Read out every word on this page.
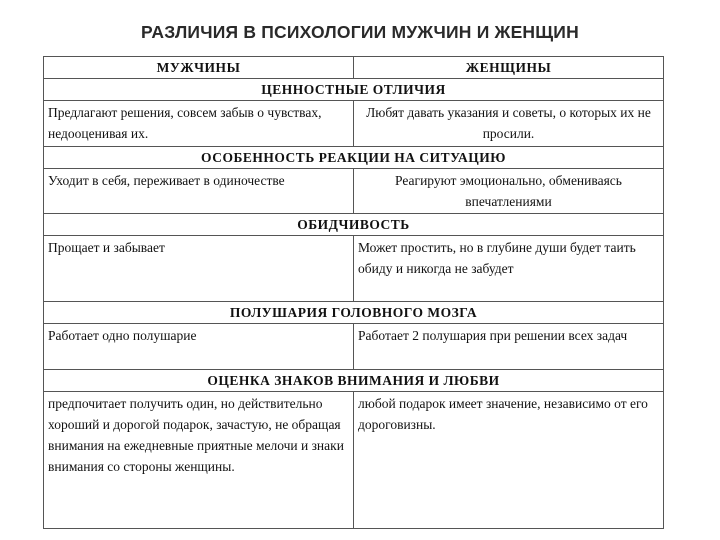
РАЗЛИЧИЯ В ПСИХОЛОГИИ МУЖЧИН И ЖЕНЩИН
МУЖЧИНЫ	ЖЕНЩИНЫ
ЦЕННОСТНЫЕ ОТЛИЧИЯ	
Предлагают решения, совсем забыв о чувствах, недооценивая их.	Любят давать указания и советы, о которых их не просили.
ОСОБЕННОСТЬ РЕАКЦИИ НА СИТУАЦИЮ	
Уходит в себя, переживает в одиночестве	Реагируют эмоционально, обмениваясь впечатлениями
ОБИДЧИВОСТЬ	
Прощает и забывает	Может простить, но в глубине души будет таить обиду и никогда не забудет
ПОЛУШАРИЯ ГОЛОВНОГО МОЗГА	
Работает одно полушарие	Работает 2 полушария при решении всех задач
ОЦЕНКА ЗНАКОВ ВНИМАНИЯ И ЛЮБВИ	
предпочитает получить один, но действительно хороший и дорогой подарок, зачастую, не обращая внимания на ежедневные приятные мелочи и знаки внимания со стороны женщины.	любой подарок имеет значение, независимо от его дороговизны.
